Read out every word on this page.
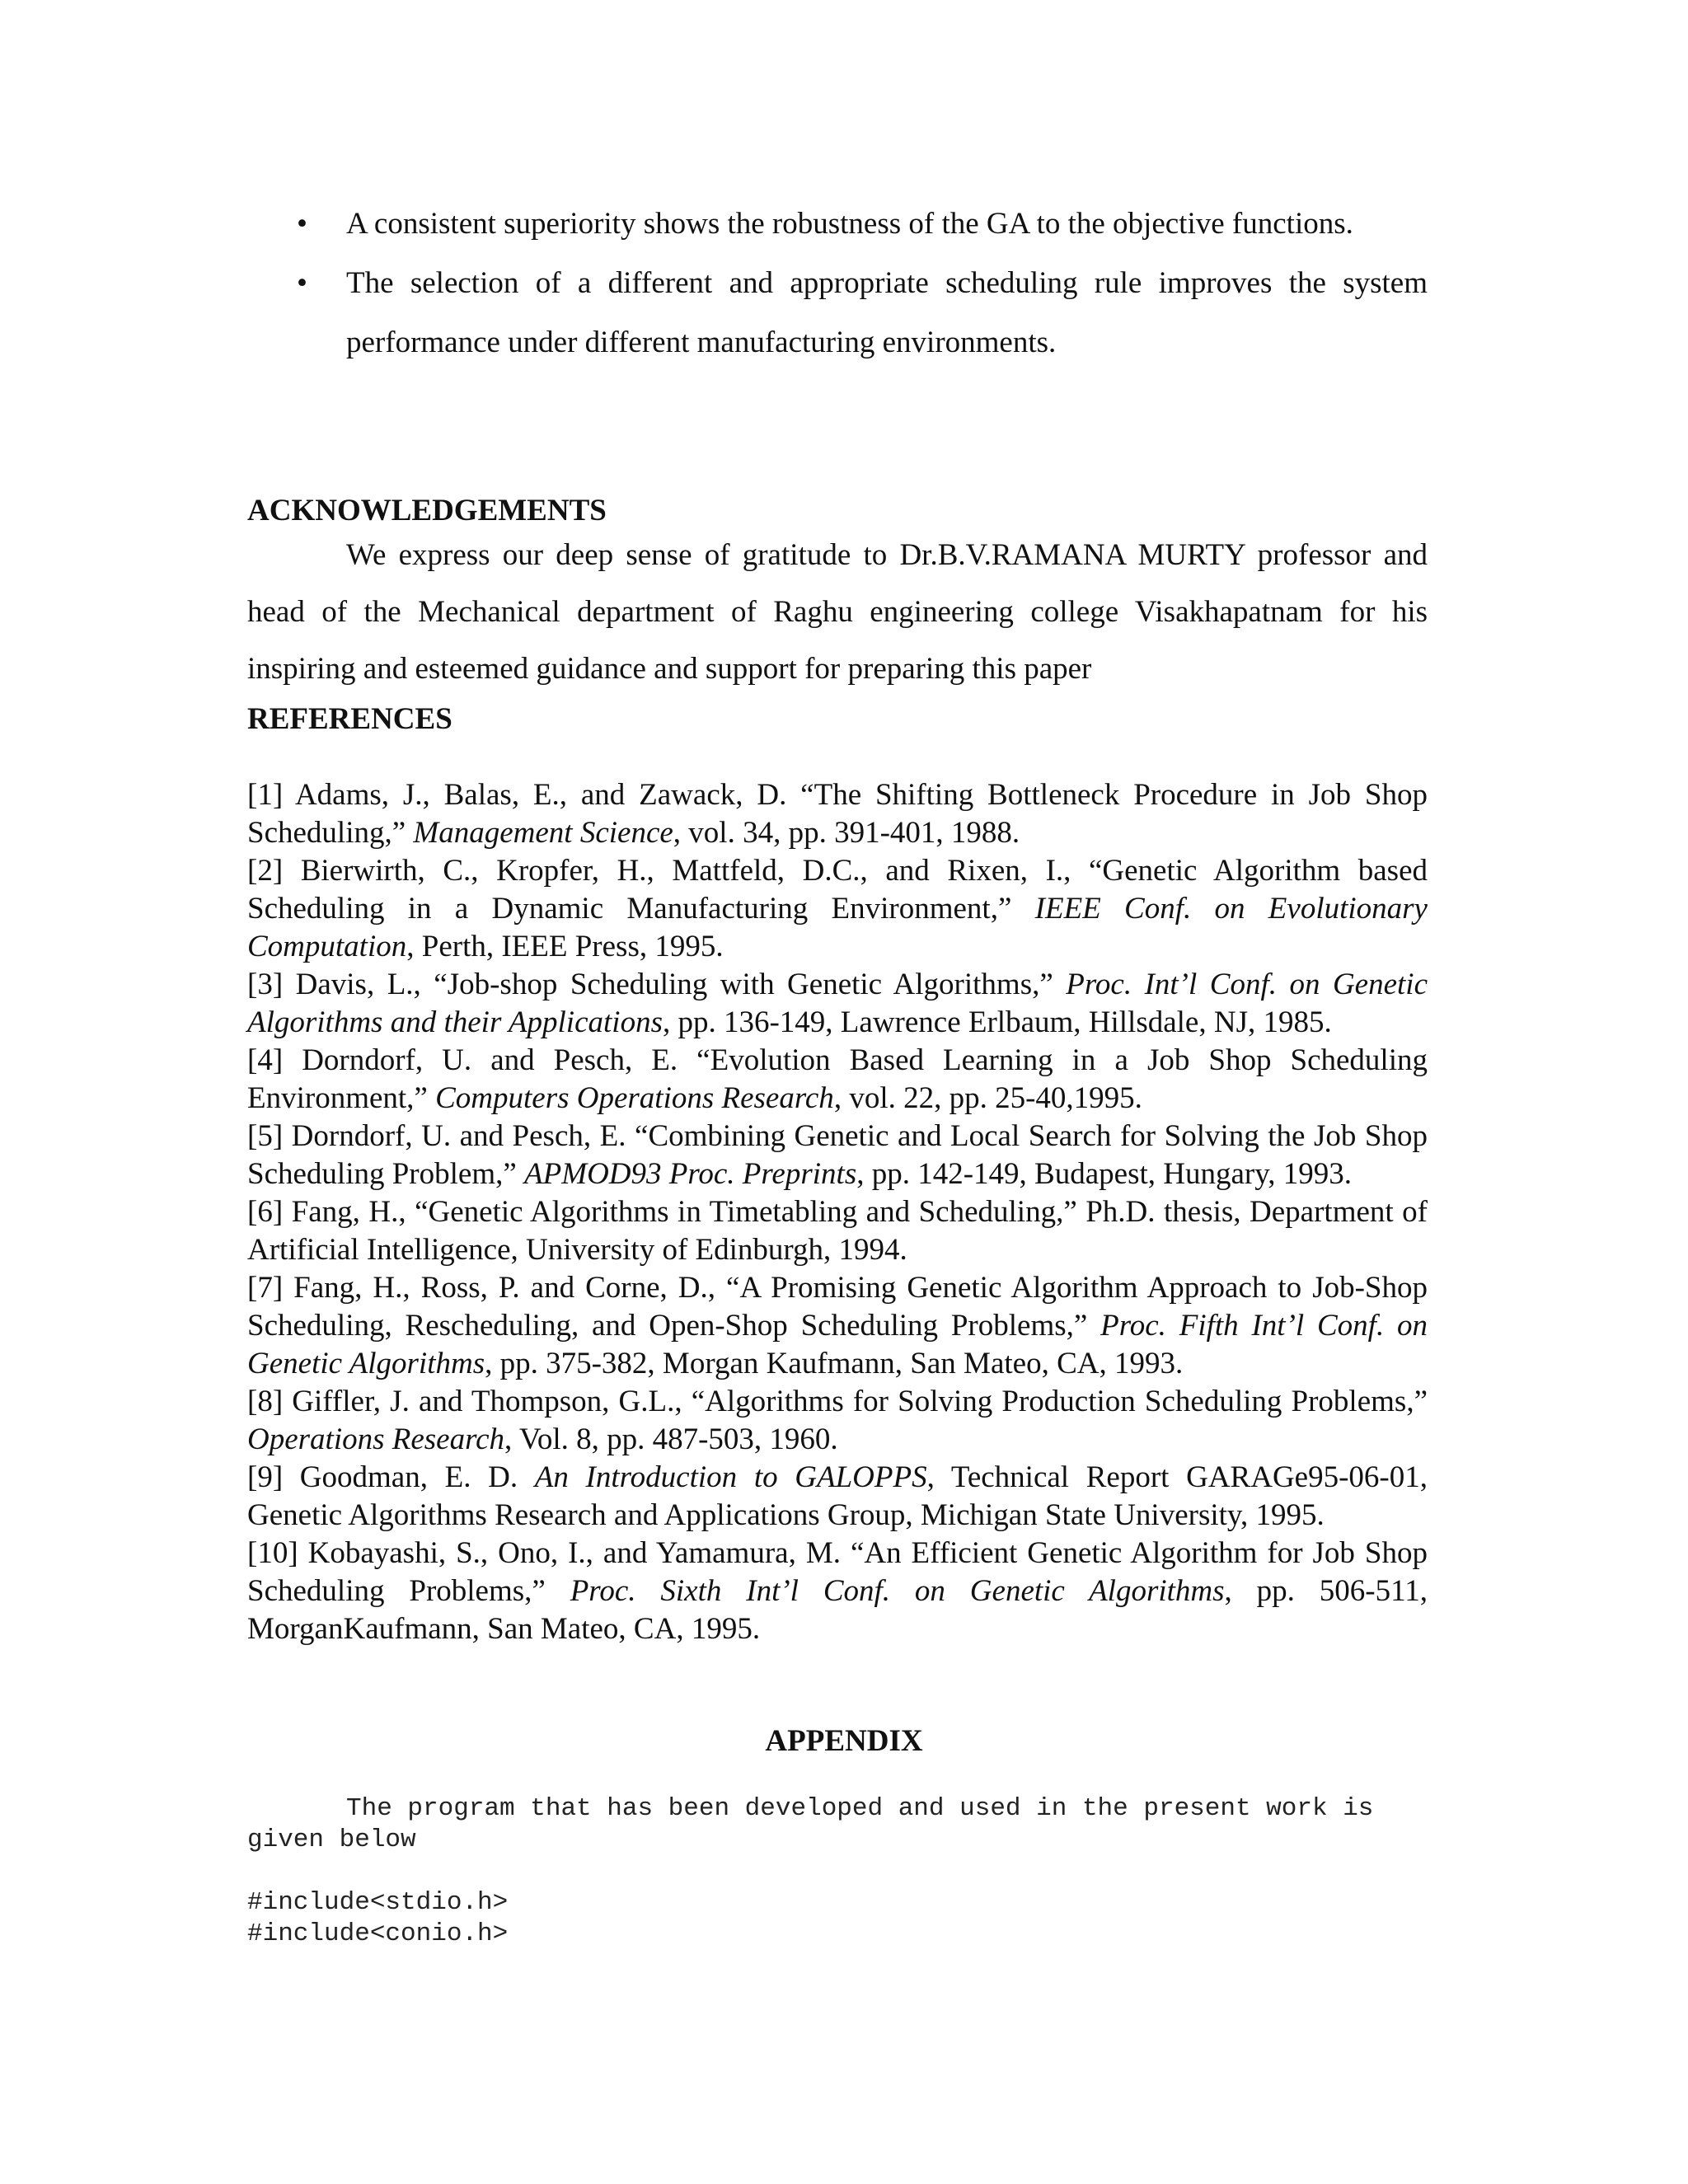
• A consistent superiority shows the robustness of the GA to the objective functions.
• The selection of a different and appropriate scheduling rule improves the system performance under different manufacturing environments.
ACKNOWLEDGEMENTS
We express our deep sense of gratitude to Dr.B.V.RAMANA MURTY professor and head of the Mechanical department of Raghu engineering college Visakhapatnam for his inspiring and esteemed guidance and support for preparing this paper
REFERENCES
[1] Adams, J., Balas, E., and Zawack, D. “The Shifting Bottleneck Procedure in Job Shop Scheduling,” Management Science, vol. 34, pp. 391-401, 1988.
[2] Bierwirth, C., Kropfer, H., Mattfeld, D.C., and Rixen, I., “Genetic Algorithm based Scheduling in a Dynamic Manufacturing Environment,” IEEE Conf. on Evolutionary Computation, Perth, IEEE Press, 1995.
[3] Davis, L., “Job-shop Scheduling with Genetic Algorithms,” Proc. Int’l Conf. on Genetic Algorithms and their Applications, pp. 136-149, Lawrence Erlbaum, Hillsdale, NJ, 1985.
[4] Dorndorf, U. and Pesch, E. “Evolution Based Learning in a Job Shop Scheduling Environment,” Computers Operations Research, vol. 22, pp. 25-40,1995.
[5] Dorndorf, U. and Pesch, E. “Combining Genetic and Local Search for Solving the Job Shop Scheduling Problem,” APMOD93 Proc. Preprints, pp. 142-149, Budapest, Hungary, 1993.
[6] Fang, H., “Genetic Algorithms in Timetabling and Scheduling,” Ph.D. thesis, Department of Artificial Intelligence, University of Edinburgh, 1994.
[7] Fang, H., Ross, P. and Corne, D., “A Promising Genetic Algorithm Approach to Job-Shop Scheduling, Rescheduling, and Open-Shop Scheduling Problems,” Proc. Fifth Int’l Conf. on Genetic Algorithms, pp. 375-382, Morgan Kaufmann, San Mateo, CA, 1993.
[8] Giffler, J. and Thompson, G.L., “Algorithms for Solving Production Scheduling Problems,” Operations Research, Vol. 8, pp. 487-503, 1960.
[9] Goodman, E. D. An Introduction to GALOPPS, Technical Report GARAGe95-06-01, Genetic Algorithms Research and Applications Group, Michigan State University, 1995.
[10] Kobayashi, S., Ono, I., and Yamamura, M. “An Efficient Genetic Algorithm for Job Shop Scheduling Problems,” Proc. Sixth Int’l Conf. on Genetic Algorithms, pp. 506-511, MorganKaufmann, San Mateo, CA, 1995.
APPENDIX
The program that has been developed and used in the present work is given below
#include<stdio.h>
#include<conio.h>
